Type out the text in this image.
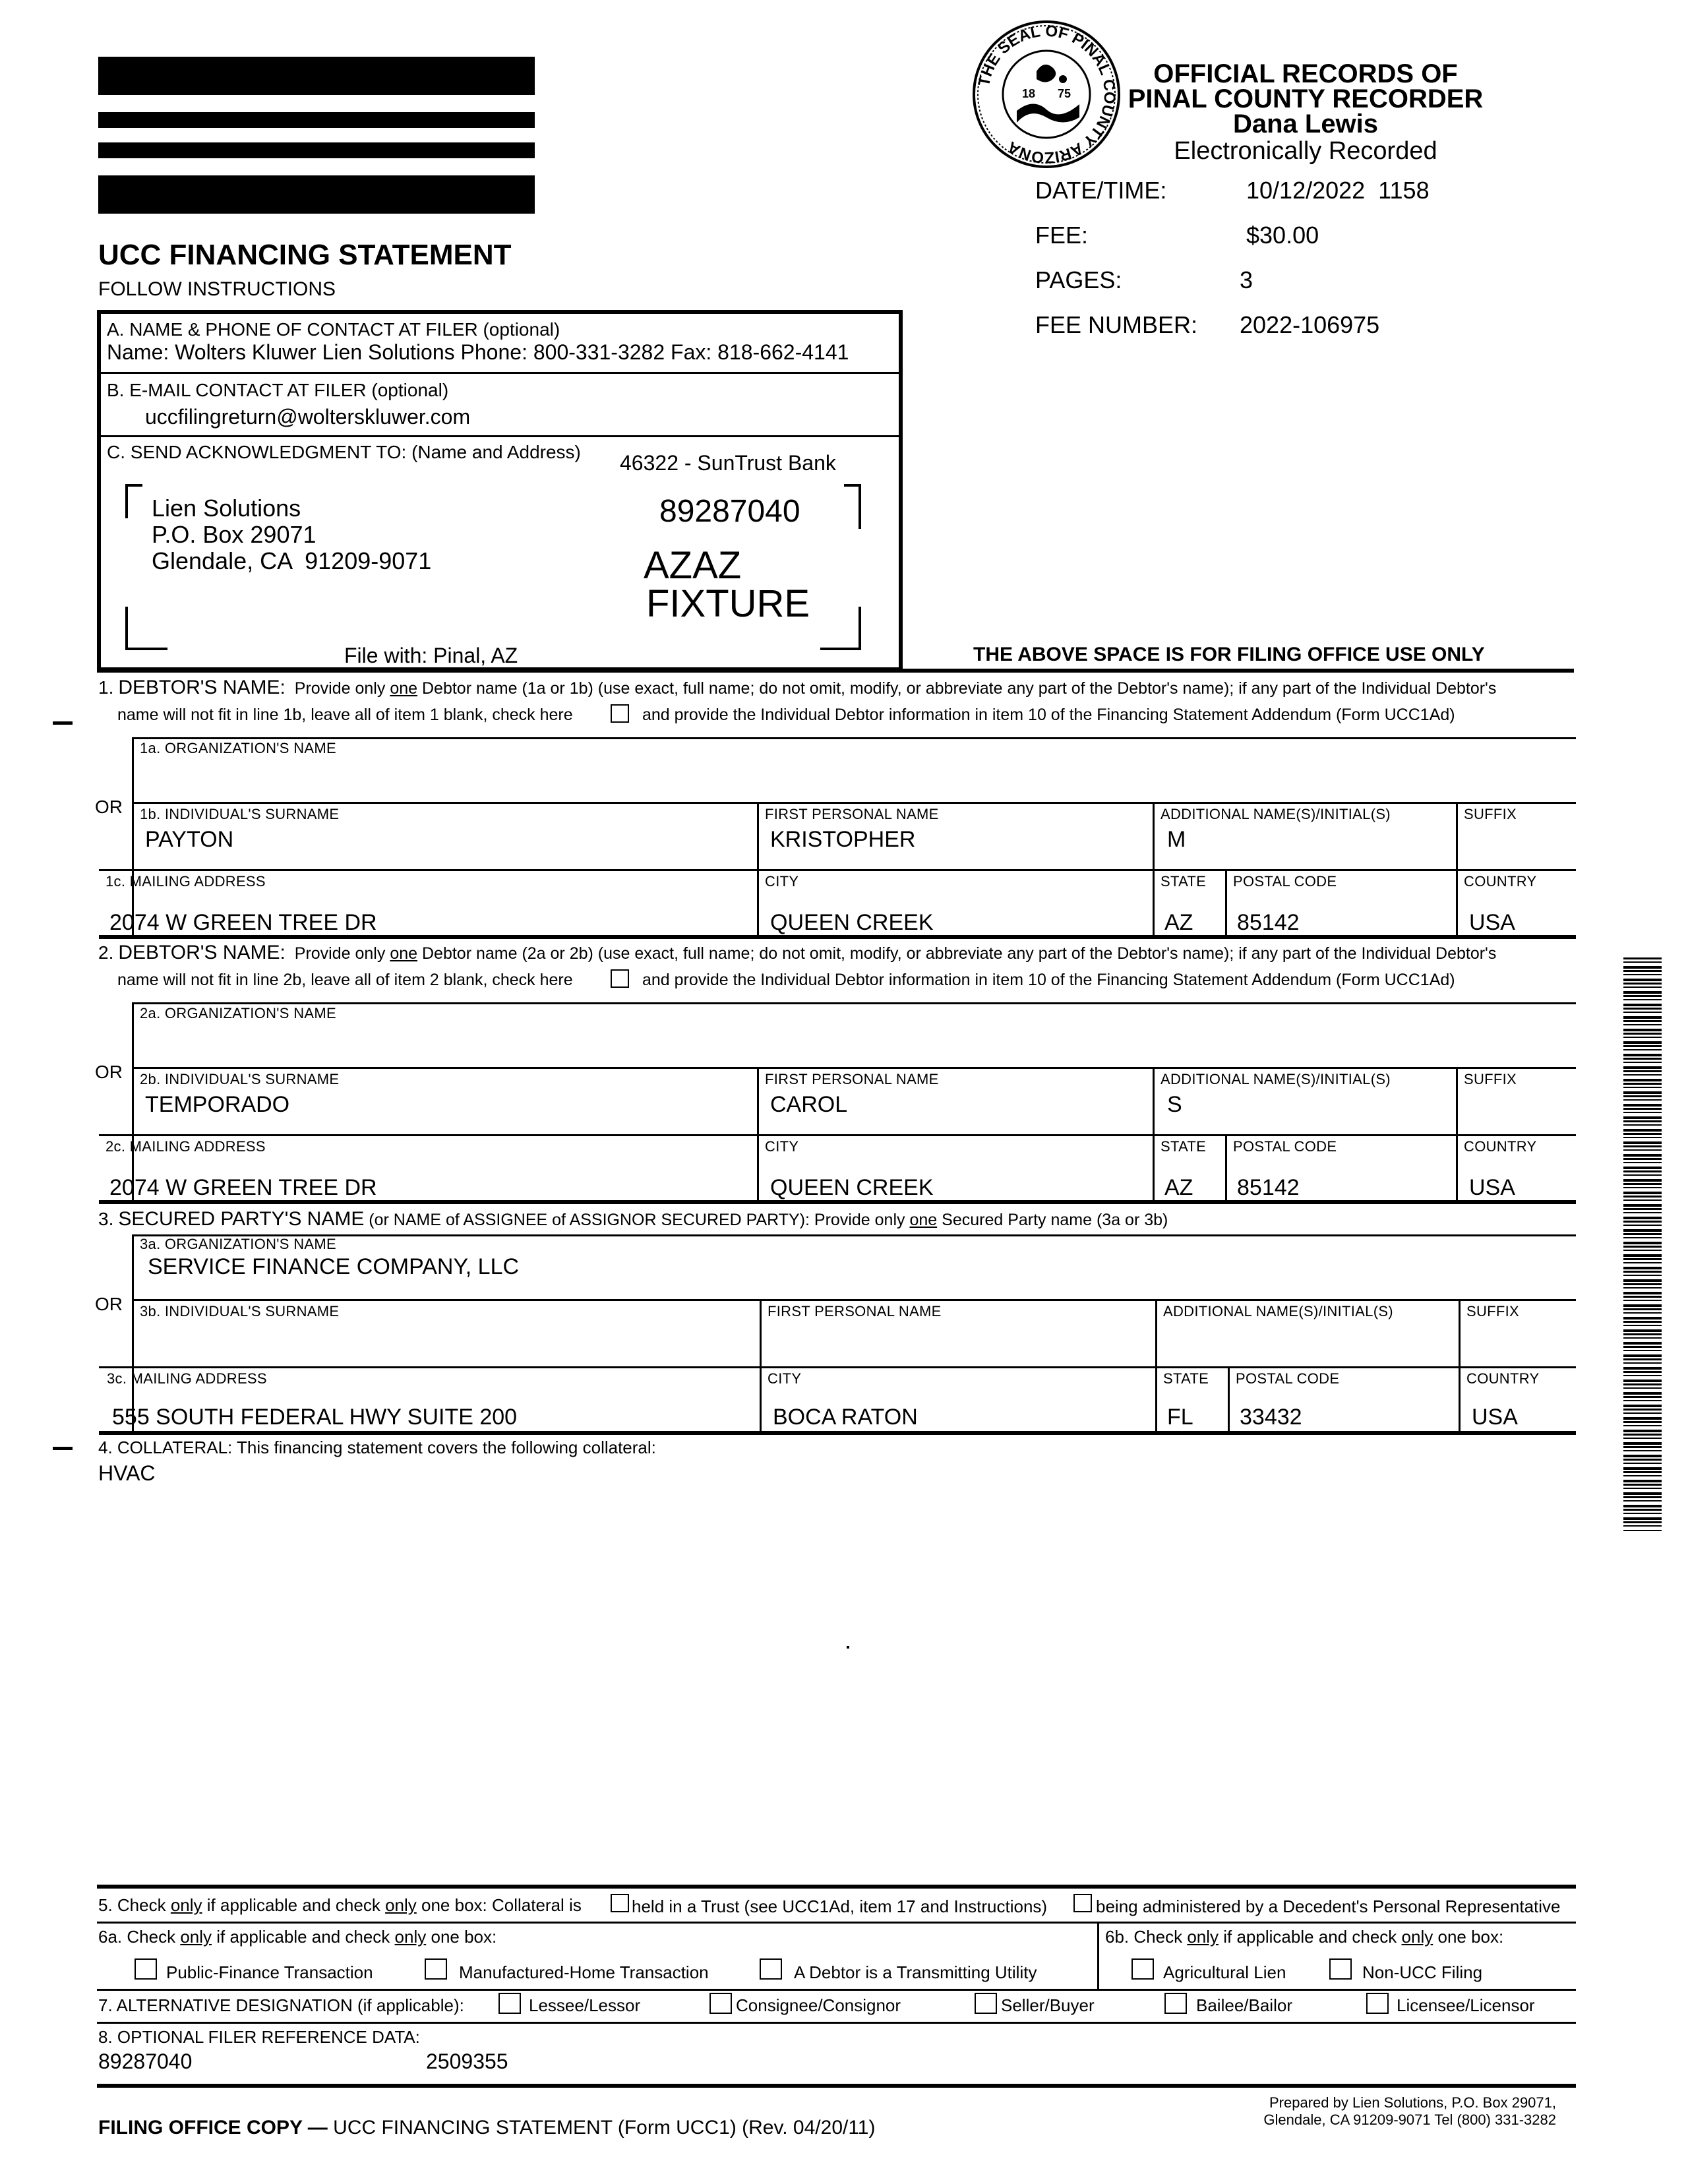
UCC FINANCING STATEMENT
FOLLOW INSTRUCTIONS
THE SEAL OF PINAL COUNTY ARIZONA
18 75
OFFICIAL RECORDS OF
PINAL COUNTY RECORDER
Dana Lewis
Electronically Recorded
DATE/TIME:	10/12/2022  1158
FEE:	$30.00
PAGES:	3
FEE NUMBER: 2022-106975
A. NAME & PHONE OF CONTACT AT FILER (optional)
Name: Wolters Kluwer Lien Solutions Phone: 800-331-3282 Fax: 818-662-4141
B. E-MAIL CONTACT AT FILER (optional)
uccfilingreturn@wolterskluwer.com
C. SEND ACKNOWLEDGMENT TO: (Name and Address) 46322 - SunTrust Bank
Lien Solutions
P.O. Box 29071
Glendale, CA  91209-9071
89287040
AZAZ
FIXTURE
File with: Pinal, AZ	THE ABOVE SPACE IS FOR FILING OFFICE USE ONLY
1. DEBTOR'S NAME: Provide only one Debtor name (1a or 1b) (use exact, full name; do not omit, modify, or abbreviate any part of the Debtor's name); if any part of the Individual Debtor's
name will not fit in line 1b, leave all of item 1 blank, check here	and provide the Individual Debtor information in item 10 of the Financing Statement Addendum (Form UCC1Ad)
1a. ORGANIZATION'S NAME
OR 1b. INDIVIDUAL'S SURNAME
PAYTON
FIRST PERSONAL NAME
KRISTOPHER
ADDITIONAL NAME(S)/INITIAL(S)
M
SUFFIX
1c. MAILING ADDRESS
2074 W GREEN TREE DR
CITY
QUEEN CREEK
STATE
AZ
POSTAL CODE
85142
COUNTRY
USA
2. DEBTOR'S NAME: Provide only one Debtor name (2a or 2b) (use exact, full name; do not omit, modify, or abbreviate any part of the Debtor's name); if any part of the Individual Debtor's
name will not fit in line 2b, leave all of item 2 blank, check here	and provide the Individual Debtor information in item 10 of the Financing Statement Addendum (Form UCC1Ad)
2a. ORGANIZATION'S NAME
OR 2b. INDIVIDUAL'S SURNAME
TEMPORADO
FIRST PERSONAL NAME
CAROL
ADDITIONAL NAME(S)/INITIAL(S)
S
SUFFIX
2c. MAILING ADDRESS
2074 W GREEN TREE DR
CITY
QUEEN CREEK
STATE
AZ
POSTAL CODE
85142
COUNTRY
USA
3. SECURED PARTY'S NAME (or NAME of ASSIGNEE of ASSIGNOR SECURED PARTY): Provide only one Secured Party name (3a or 3b)
3a. ORGANIZATION'S NAME
SERVICE FINANCE COMPANY, LLC
OR 3b. INDIVIDUAL'S SURNAME	FIRST PERSONAL NAME	ADDITIONAL NAME(S)/INITIAL(S)	SUFFIX
3c. MAILING ADDRESS
555 SOUTH FEDERAL HWY SUITE 200
CITY
BOCA RATON
STATE
FL
POSTAL CODE
33432
COUNTRY
USA
4. COLLATERAL: This financing statement covers the following collateral:
HVAC
5. Check only if applicable and check only one box: Collateral is	held in a Trust (see UCC1Ad, item 17 and Instructions)	being administered by a Decedent's Personal Representative
6a. Check only if applicable and check only one box:	6b. Check only if applicable and check only one box:
Public-Finance Transaction	Manufactured-Home Transaction	A Debtor is a Transmitting Utility	Agricultural Lien	Non-UCC Filing
7. ALTERNATIVE DESIGNATION (if applicable):	Lessee/Lessor	Consignee/Consignor	Seller/Buyer	Bailee/Bailor	Licensee/Licensor
8. OPTIONAL FILER REFERENCE DATA:
89287040	2509355
FILING OFFICE COPY — UCC FINANCING STATEMENT (Form UCC1) (Rev. 04/20/11)
Prepared by Lien Solutions, P.O. Box 29071,
Glendale, CA 91209-9071 Tel (800) 331-3282
